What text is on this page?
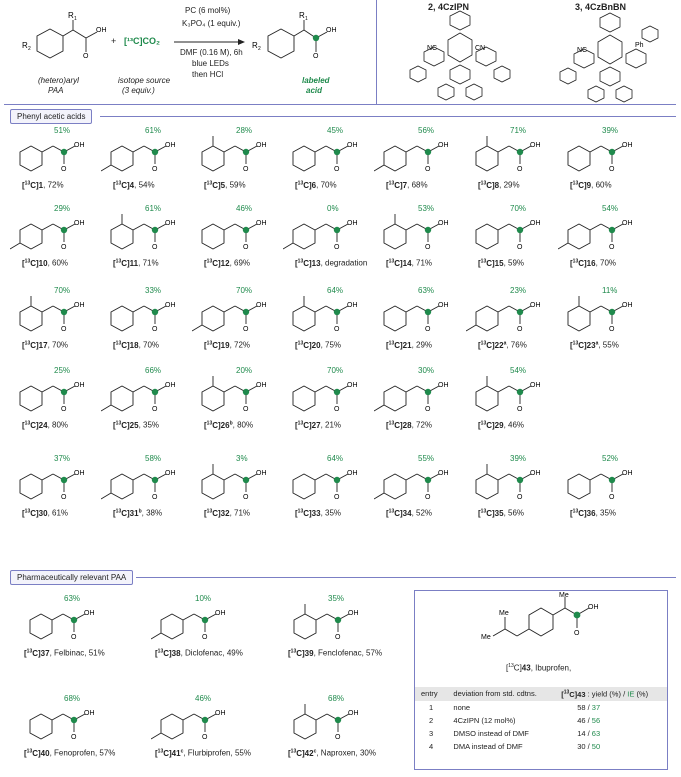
R 1
O
OH
R 2
R 1
O
OH
R 2
+ [¹³C]CO₂
PC (6 mol%)
K₃PO₄ (1 equiv.)
DMF (0.16 M), 6h
blue LEDs
then HCl
(hetero)aryl
PAA
isotope source
(3 equiv.)
labeled
acid
2, 4CzIPN	3, 4CzBnBN
NC	CN	NC
Ph
Phenyl acetic acids
O
OH
51%
[$^{13}$C]1, 72%
O
OH
61%
[$^{13}$C]4, 54%
O
OH
28%
[$^{13}$C]5, 59%
O
OH
45%
[$^{13}$C]6, 70%
O
OH
56%
[$^{13}$C]7, 68%
O
OH
71%
[$^{13}$C]8, 29%
O
OH
39%
[$^{13}$C]9, 60%
O
OH
29%
[$^{13}$C]10, 60%
O
OH
61%
[$^{13}$C]11, 71%
O
OH
46%
[$^{13}$C]12, 69%
O
OH
0%
[$^{13}$C]13, degradation
O
OH
53%
[$^{13}$C]14, 71%
O
OH
70%
[$^{13}$C]15, 59%
O
OH
54%
[$^{13}$C]16, 70%
O
OH
70%
[$^{13}$C]17, 70%
O
OH
33%
[$^{13}$C]18, 70%
O
OH
70%
[$^{13}$C]19, 72%
O
OH
64%
[$^{13}$C]20, 75%
O
OH
63%
[$^{13}$C]21, 29%
O
OH
23%
[$^{13}$C]22$^a$, 76%
O
OH
11%
[$^{13}$C]23$^a$, 55%
O
OH
25%
[$^{13}$C]24, 80%
O
OH
66%
[$^{13}$C]25, 35%
O
OH
20%
[$^{13}$C]26$^b$, 80%
O
OH
70%
[$^{13}$C]27, 21%
O
OH
30%
[$^{13}$C]28, 72%
O
OH
54%
[$^{13}$C]29, 46%
O
OH
37%
[$^{13}$C]30, 61%
O
OH
58%
[$^{13}$C]31$^b$, 38%
O
OH
3%
[$^{13}$C]32, 71%
O
OH
64%
[$^{13}$C]33, 35%
O
OH
55%
[$^{13}$C]34, 52%
O
OH
39%
[$^{13}$C]35, 56%
O
OH
52%
[$^{13}$C]36, 35%
O
OH
63%
[$^{13}$C]37, Felbinac, 51%
O
OH
10%
[$^{13}$C]38, Diclofenac, 49%
O
OH
35%
[$^{13}$C]39, Fenclofenac, 57%
O
OH
68%
[$^{13}$C]40, Fenoprofen, 57%
O
OH
46%
[$^{13}$C]41$^c$, Flurbiprofen, 55%
O
OH
68%
[$^{13}$C]42$^c$, Naproxen, 30%
Pharmaceutically relevant PAA
Me
O
OH
Me
Me
[$^{13}$C]43, Ibuprofen,
entry	deviation from std. cdtns.	[$^{13}$C]43 : yield (%) / IE (%)
1	none	58 / 37
2	4CzIPN (12 mol%)	46 / 56
3	DMSO instead of DMF	14 / 63
4	DMA instead of DMF	30 / 50
